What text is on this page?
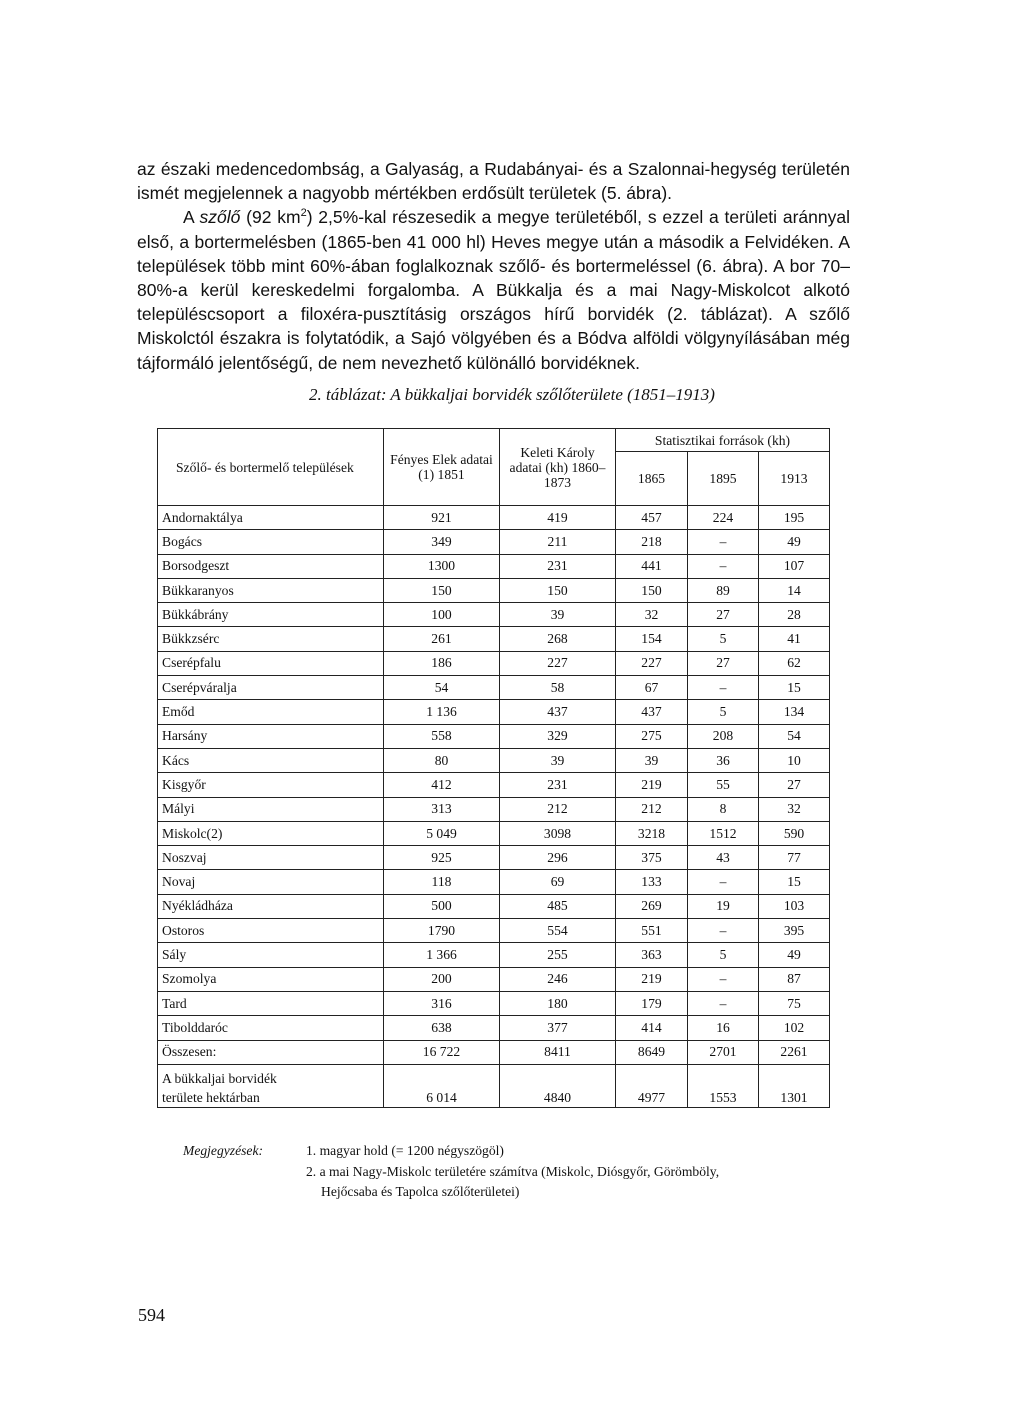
az északi medencedombság, a Galyaság, a Rudabányai- és a Szalonnai-hegység területén ismét megjelennek a nagyobb mértékben erdősült területek (5. ábra).

A szőlő (92 $km^2$) 2,5%-kal részesedik a megye területéből, s ezzel a területi aránnyal első, a bortermelésben (1865-ben 41 000 hl) Heves megye után a második a Felvidéken. A települések több mint 60%-ában foglalkoznak szőlő- és bortermeléssel (6. ábra). A bor 70–80%-a kerül kereskedelmi forgalomba. A Bükkalja és a mai Nagy-Miskolcot alkotó településcsoport a filoxéra-pusztításig országos hírű borvidék (2. táblázat). A szőlő Miskolctól északra is folytatódik, a Sajó völgyében és a Bódva alföldi völgynyílásában még tájformáló jelentőségű, de nem nevezhető különálló borvidéknek.

2. táblázat: A bükkaljai borvidék szőlőterülete (1851–1913)
Szőlő- és bortermelő települések	Fényes Elek adatai (1) 1851	Keleti Károly adatai (kh) 1860–1873	Statisztikai források (kh)		
			1865	1895	1913
Andornaktálya	921	419	457	224	195
Bogács	349	211	218	–	49
Borsodgeszt	1300	231	441	–	107
Bükkaranyos	150	150	150	89	14
Bükkábrány	100	39	32	27	28
Bükkzsérc	261	268	154	5	41
Cserépfalu	186	227	227	27	62
Cserépváralja	54	58	67	–	15
Emőd	1 136	437	437	5	134
Harsány	558	329	275	208	54
Kács	80	39	39	36	10
Kisgyőr	412	231	219	55	27
Mályi	313	212	212	8	32
Miskolc(2)	5 049	3098	3218	1512	590
Noszvaj	925	296	375	43	77
Novaj	118	69	133	–	15
Nyékládháza	500	485	269	19	103
Ostoros	1790	554	551	–	395
Sály	1 366	255	363	5	49
Szomolya	200	246	219	–	87
Tard	316	180	179	–	75
Tibolddaróc	638	377	414	16	102
Összesen:	16 722	8411	8649	2701	2261
A bükkaljai borvidék
területe hektárban	6 014	4840	4977	1553	1301
Megjegyzések:	1. magyar hold (= 1200 négyszögöl)

2. a mai Nagy-Miskolc területére számítva (Miskolc, Diósgyőr, Görömböly,

Hejőcsaba és Tapolca szőlőterületei)

594
